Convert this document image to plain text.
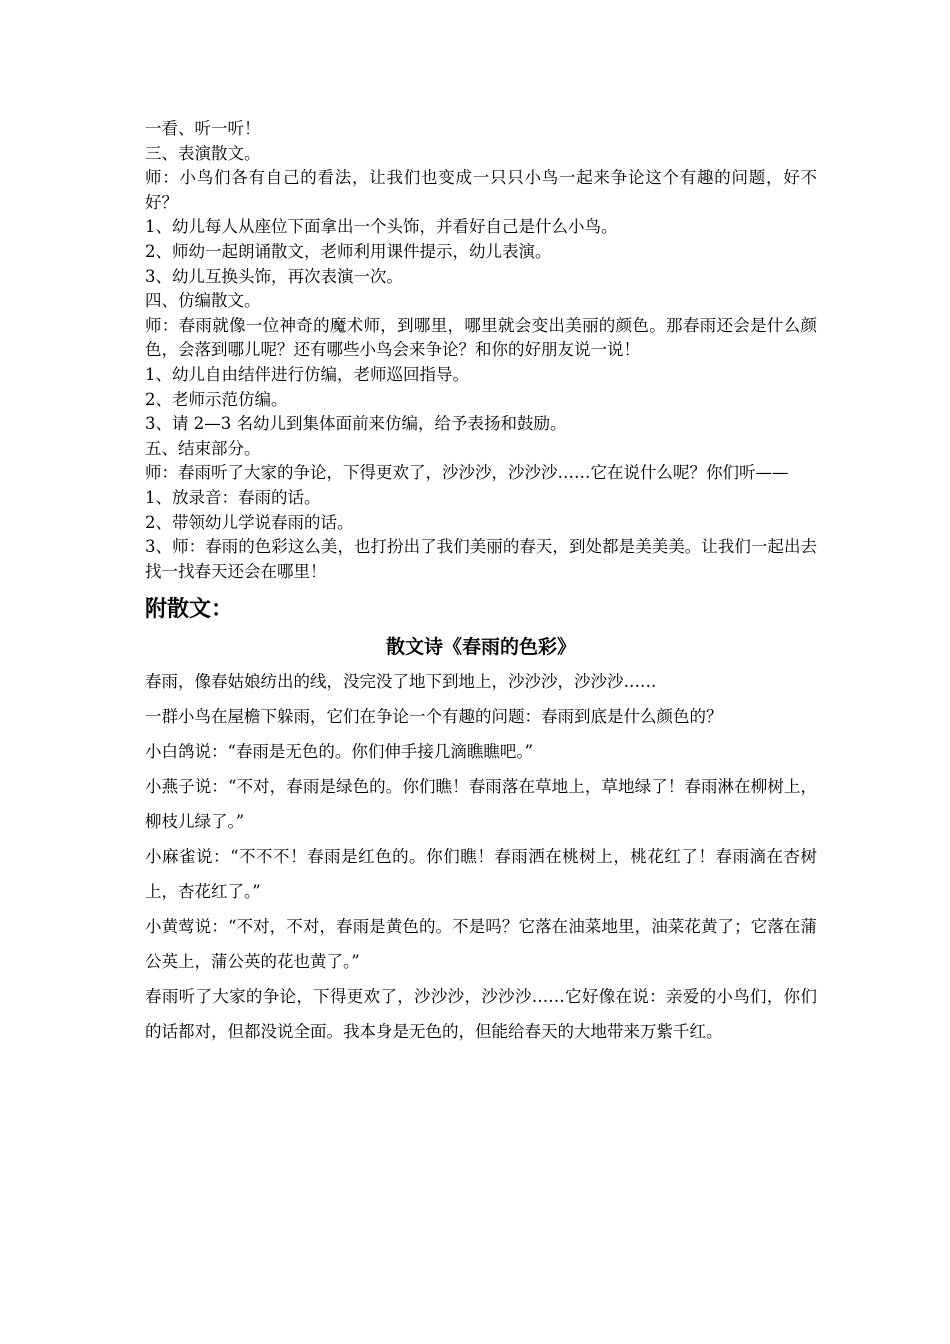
一看、听一听！

三、表演散文。

师：小鸟们各有自己的看法，让我们也变成一只只小鸟一起来争论这个有趣的问题，好不好？

1、幼儿每人从座位下面拿出一个头饰，并看好自己是什么小鸟。

2、师幼一起朗诵散文，老师利用课件提示，幼儿表演。

3、幼儿互换头饰，再次表演一次。

四、仿编散文。

师：春雨就像一位神奇的魔术师，到哪里，哪里就会变出美丽的颜色。那春雨还会是什么颜色，会落到哪儿呢？还有哪些小鸟会来争论？和你的好朋友说一说！

1、幼儿自由结伴进行仿编，老师巡回指导。

2、老师示范仿编。

3、请 2—3 名幼儿到集体面前来仿编，给予表扬和鼓励。

五、结束部分。

师：春雨听了大家的争论，下得更欢了，沙沙沙，沙沙沙……它在说什么呢？你们听——

1、放录音：春雨的话。

2、带领幼儿学说春雨的话。

3、师：春雨的色彩这么美，也打扮出了我们美丽的春天，到处都是美美美。让我们一起出去找一找春天还会在哪里！

附散文：
散文诗《春雨的色彩》

春雨，像春姑娘纺出的线，没完没了地下到地上，沙沙沙，沙沙沙……

一群小鸟在屋檐下躲雨，它们在争论一个有趣的问题：春雨到底是什么颜色的？

小白鸽说：“春雨是无色的。你们伸手接几滴瞧瞧吧。”

小燕子说：“不对，春雨是绿色的。你们瞧！春雨落在草地上，草地绿了！春雨淋在柳树上，柳枝儿绿了。”

小麻雀说：“不不不！春雨是红色的。你们瞧！春雨洒在桃树上，桃花红了！春雨滴在杏树上，杏花红了。”

小黄莺说：“不对，不对，春雨是黄色的。不是吗？它落在油菜地里，油菜花黄了；它落在蒲公英上，蒲公英的花也黄了。”

春雨听了大家的争论，下得更欢了，沙沙沙，沙沙沙……它好像在说：亲爱的小鸟们，你们的话都对，但都没说全面。我本身是无色的，但能给春天的大地带来万紫千红。
